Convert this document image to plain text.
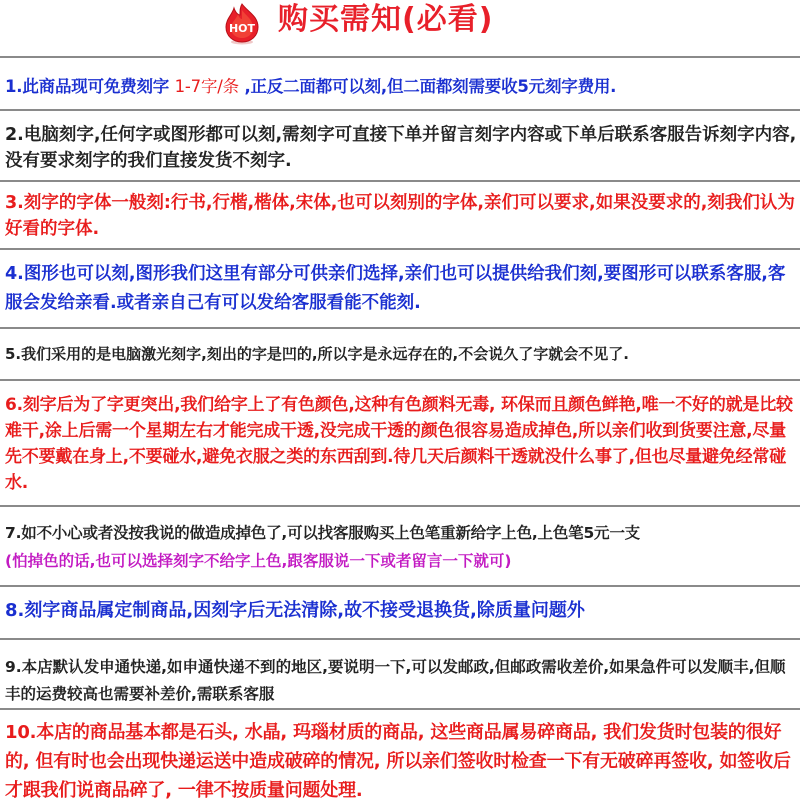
HOT 购买需知(必看)

1.此商品现可免费刻字 1-7字/条 ,正反二面都可以刻,但二面都刻需要收5元刻字费用.

2.电脑刻字,任何字或图形都可以刻,需刻字可直接下单并留言刻字内容或下单后联系客服告诉刻字内容,没有要求刻字的我们直接发货不刻字.

3.刻字的字体一般刻:行书,行楷,楷体,宋体,也可以刻别的字体,亲们可以要求,如果没要求的,刻我们认为好看的字体.

4.图形也可以刻,图形我们这里有部分可供亲们选择,亲们也可以提供给我们刻,要图形可以联系客服,客服会发给亲看.或者亲自己有可以发给客服看能不能刻.

5.我们采用的是电脑激光刻字,刻出的字是凹的,所以字是永远存在的,不会说久了字就会不见了.

6.刻字后为了字更突出,我们给字上了有色颜色,这种有色颜料无毒, 环保而且颜色鲜艳,唯一不好的就是比较难干,涂上后需一个星期左右才能完成干透,没完成干透的颜色很容易造成掉色,所以亲们收到货要注意,尽量先不要戴在身上,不要碰水,避免衣服之类的东西刮到.待几天后颜料干透就没什么事了,但也尽量避免经常碰水.

7.如不小心或者没按我说的做造成掉色了,可以找客服购买上色笔重新给字上色,上色笔5元一支

(怕掉色的话,也可以选择刻字不给字上色,跟客服说一下或者留言一下就可)

8.刻字商品属定制商品,因刻字后无法清除,故不接受退换货,除质量问题外

9.本店默认发申通快递,如申通快递不到的地区,要说明一下,可以发邮政,但邮政需收差价,如果急件可以发顺丰,但顺丰的运费较高也需要补差价,需联系客服

10.本店的商品基本都是石头, 水晶, 玛瑙材质的商品, 这些商品属易碎商品, 我们发货时包装的很好的, 但有时也会出现快递运送中造成破碎的情况, 所以亲们签收时检查一下有无破碎再签收, 如签收后才跟我们说商品碎了, 一律不按质量问题处理.
